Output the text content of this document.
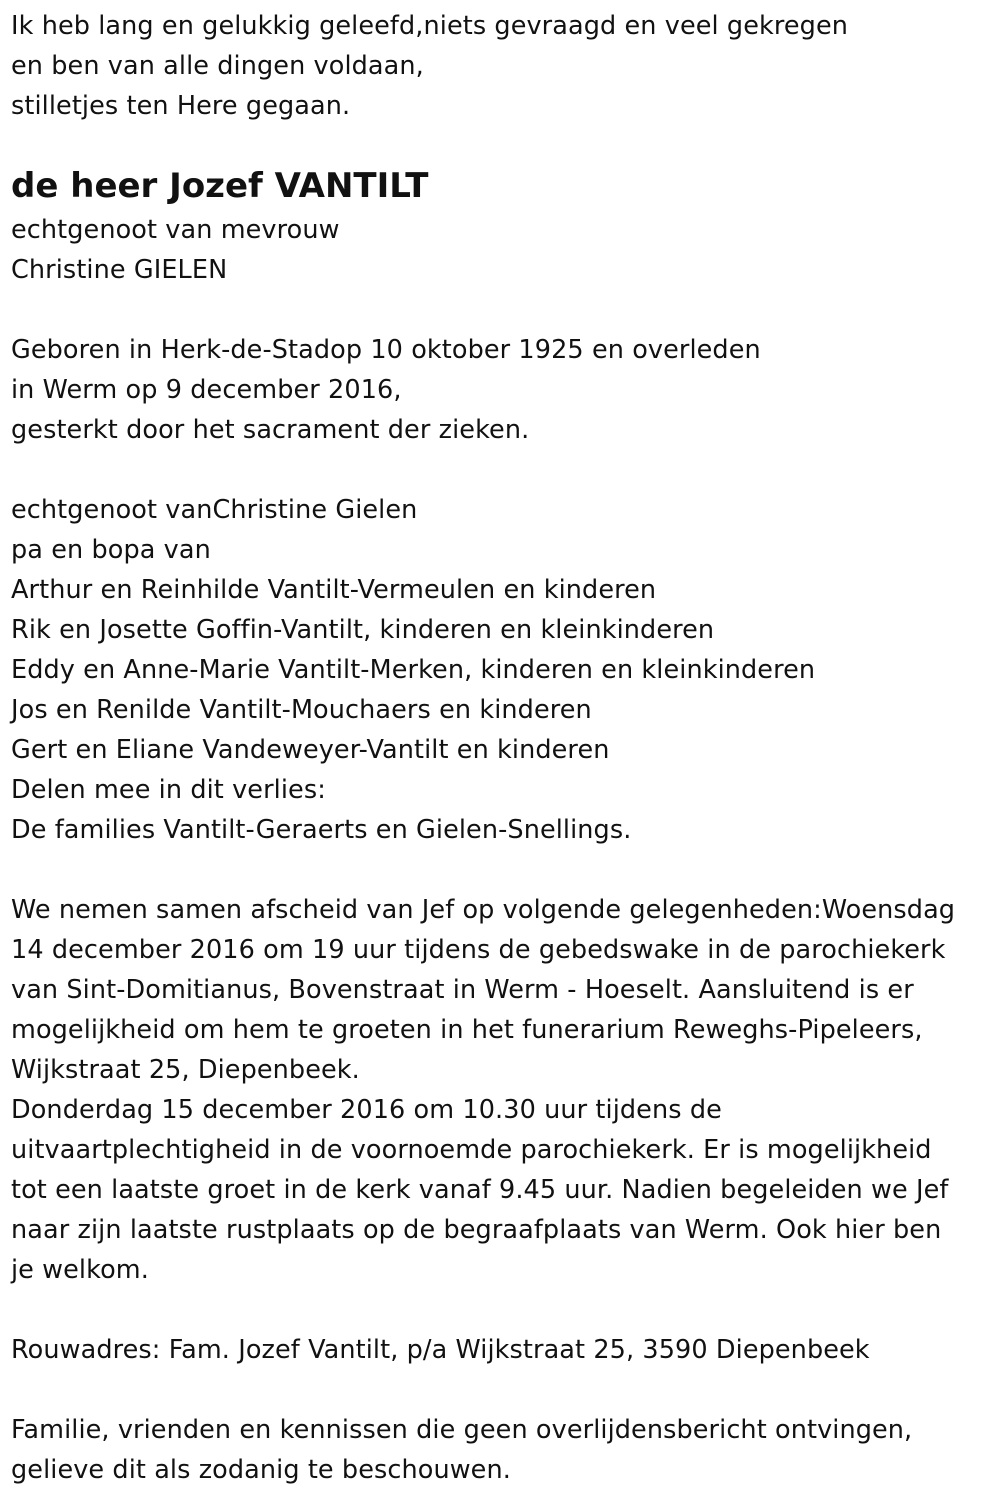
Ik heb lang en gelukkig geleefd,niets gevraagd en veel gekregen
en ben van alle dingen voldaan,
stilletjes ten Here gegaan.
de heer Jozef VANTILT
echtgenoot van mevrouw
Christine GIELEN
Geboren in Herk-de-Stadop 10 oktober 1925 en overleden
in Werm op 9 december 2016,
gesterkt door het sacrament der zieken.
echtgenoot vanChristine Gielen
pa en bopa van
Arthur en Reinhilde Vantilt-Vermeulen en kinderen
Rik en Josette Goffin-Vantilt, kinderen en kleinkinderen
Eddy en Anne-Marie Vantilt-Merken, kinderen en kleinkinderen
Jos en Renilde Vantilt-Mouchaers en kinderen
Gert en Eliane Vandeweyer-Vantilt en kinderen
Delen mee in dit verlies:
De families Vantilt-Geraerts en Gielen-Snellings.
We nemen samen afscheid van Jef op volgende gelegenheden:Woensdag
14 december 2016 om 19 uur tijdens de gebedswake in de parochiekerk
van Sint-Domitianus, Bovenstraat in Werm - Hoeselt. Aansluitend is er
mogelijkheid om hem te groeten in het funerarium Reweghs-Pipeleers,
Wijkstraat 25, Diepenbeek.
Donderdag 15 december 2016 om 10.30 uur tijdens de
uitvaartplechtigheid in de voornoemde parochiekerk. Er is mogelijkheid
tot een laatste groet in de kerk vanaf 9.45 uur. Nadien begeleiden we Jef
naar zijn laatste rustplaats op de begraafplaats van Werm. Ook hier ben
je welkom.
Rouwadres: Fam. Jozef Vantilt, p/a Wijkstraat 25, 3590 Diepenbeek
Familie, vrienden en kennissen die geen overlijdensbericht ontvingen,
gelieve dit als zodanig te beschouwen.
